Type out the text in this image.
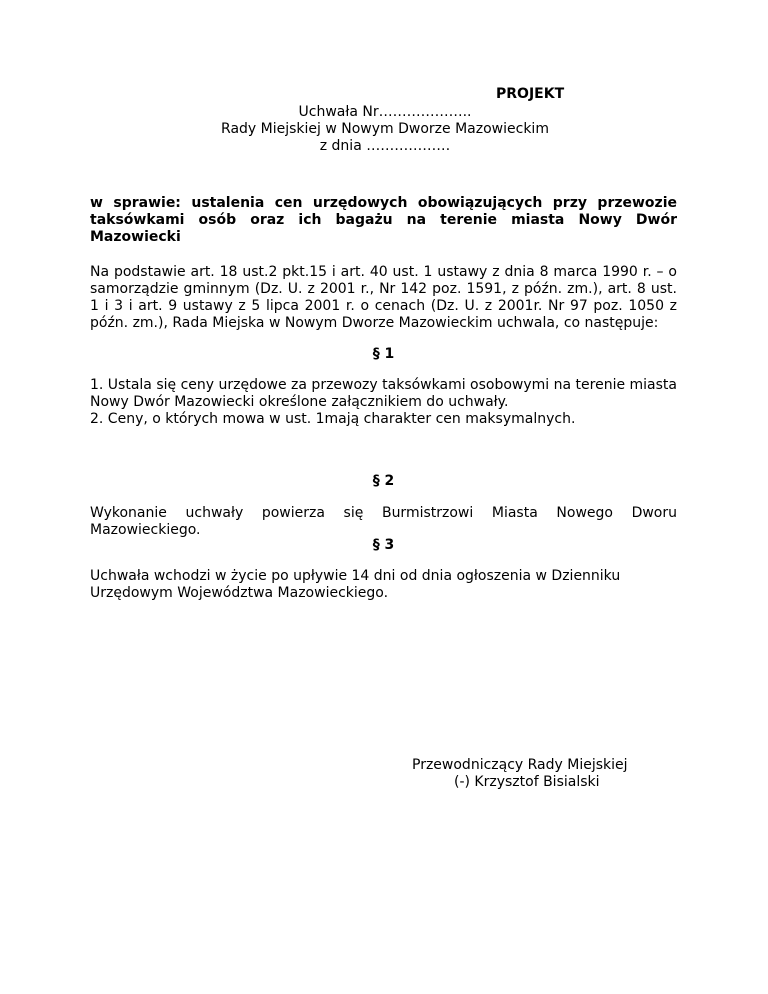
PROJEKT
Uchwała Nr………………..
Rady Miejskiej w Nowym Dworze Mazowieckim
z dnia ………………

w sprawie: ustalenia cen urzędowych obowiązujących przy przewozie taksówkami osób oraz ich bagażu na terenie miasta Nowy Dwór Mazowiecki

Na podstawie art. 18 ust.2 pkt.15 i art. 40 ust. 1 ustawy z dnia 8 marca 1990 r. – o samorządzie gminnym (Dz. U. z 2001 r., Nr 142 poz. 1591, z późn. zm.), art. 8 ust. 1 i 3 i art. 9 ustawy z 5 lipca 2001 r. o cenach (Dz. U. z 2001r. Nr 97 poz. 1050 z późn. zm.), Rada Miejska w Nowym Dworze Mazowieckim uchwala, co następuje:

§ 1

1. Ustala się ceny urzędowe za przewozy taksówkami osobowymi na terenie miasta Nowy Dwór Mazowiecki określone załącznikiem do uchwały.

2. Ceny, o których mowa w ust. 1mają charakter cen maksymalnych.

§ 2

Wykonanie uchwały powierza się Burmistrzowi Miasta Nowego Dworu Mazowieckiego.

§ 3

Uchwała wchodzi w życie po upływie 14 dni od dnia ogłoszenia w Dzienniku Urzędowym Województwa Mazowieckiego.

Przewodniczący Rady Miejskiej
(-) Krzysztof Bisialski
